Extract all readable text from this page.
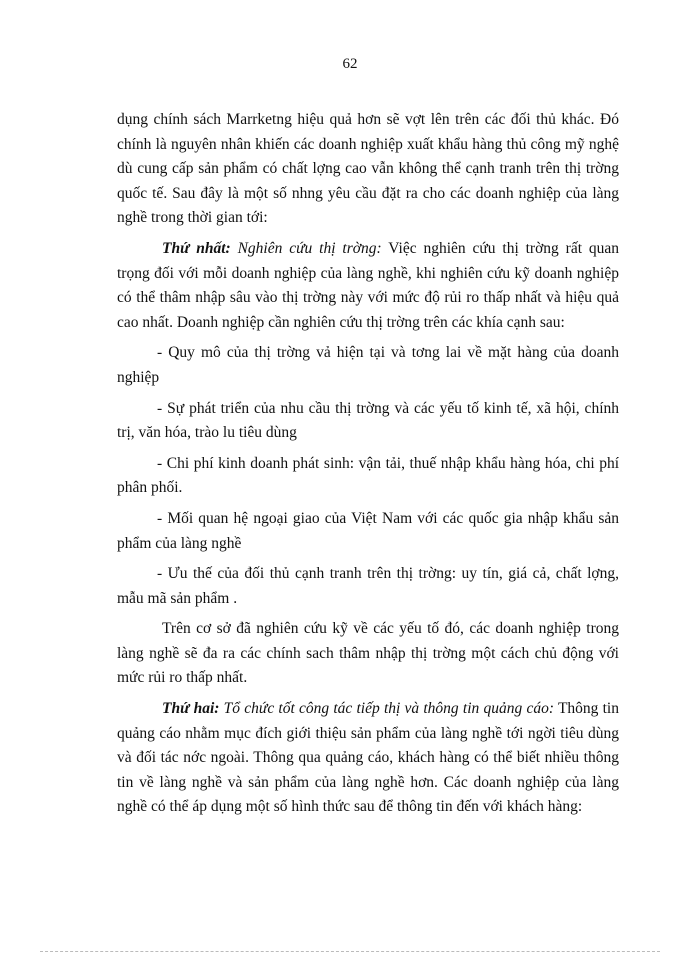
62

dụng chính sách Marrketng hiệu quả hơn sẽ vợt lên trên các đối thủ khác. Đó chính là nguyên nhân khiến các doanh nghiệp xuất khẩu hàng thủ công mỹ nghệ dù cung cấp sản phẩm có chất lợng cao vẫn không thể cạnh tranh trên thị trờng quốc tế. Sau đây là một số nhng yêu cầu đặt ra cho các doanh nghiệp của làng nghề trong thời gian tới:

Thứ nhất: Nghiên cứu thị trờng: Việc nghiên cứu thị trờng rất quan trọng đối với mỗi doanh nghiệp của làng nghề, khi nghiên cứu kỹ doanh nghiệp có thể thâm nhập sâu vào thị trờng này với mức độ rủi ro thấp nhất và hiệu quả cao nhất. Doanh nghiệp cần nghiên cứu thị trờng trên các khía cạnh sau:

- Quy mô của thị trờng vả hiện tại và tơng lai về mặt hàng của doanh nghiệp

- Sự phát triển của nhu cầu thị trờng và các yếu tố kinh tế, xã hội, chính trị, văn hóa, trào lu tiêu dùng

- Chi phí kinh doanh phát sinh: vận tải, thuế nhập khẩu hàng hóa, chi phí phân phối.

- Mối quan hệ ngoại giao của Việt Nam với các quốc gia nhập khẩu sản phẩm của làng nghề

- Ưu thế của đối thủ cạnh tranh trên thị trờng: uy tín, giá cả, chất lợng, mẫu mã sản phẩm .

Trên cơ sở đã nghiên cứu kỹ về các yếu tố đó, các doanh nghiệp trong làng nghề sẽ đa ra các chính sach thâm nhập thị trờng một cách chủ động với mức rủi ro thấp nhất.

Thứ hai: Tổ chức tốt công tác tiếp thị và thông tin quảng cáo: Thông tin quảng cáo nhằm mục đích giới thiệu sản phẩm của làng nghề tới ngời tiêu dùng và đối tác nớc ngoài. Thông qua quảng cáo, khách hàng có thể biết nhiều thông tin về làng nghề và sản phẩm của làng nghề hơn. Các doanh nghiệp của làng nghề có thể áp dụng một số hình thức sau để thông tin đến với khách hàng:
